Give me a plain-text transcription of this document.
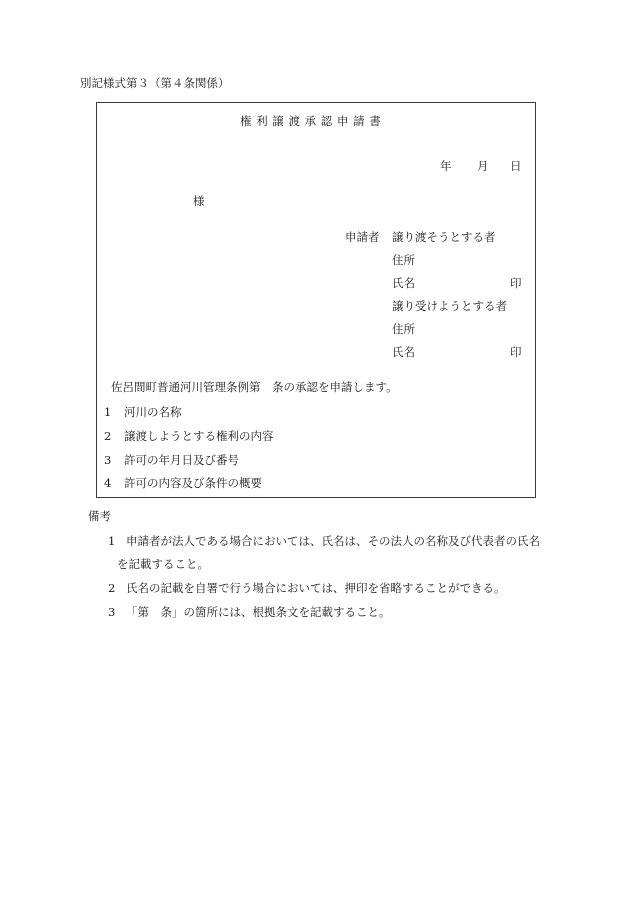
別記様式第３（第４条関係）
権 利 譲 渡 承 認 申 請 書
年 月 日
様
申請者 譲り渡そうとする者
住所
氏名	印
譲り受けようとする者
住所
氏名	印
佐呂間町普通河川管理条例第　条の承認を申請します。
1 河川の名称
2 譲渡しようとする権利の内容
3 許可の年月日及び番号
4 許可の内容及び条件の概要
備考
1 申請者が法人である場合においては、氏名は、その法人の名称及び代表者の氏名
を記載すること。
2 氏名の記載を自署で行う場合においては、押印を省略することができる。
3 「第　条」の箇所には、根拠条文を記載すること。
